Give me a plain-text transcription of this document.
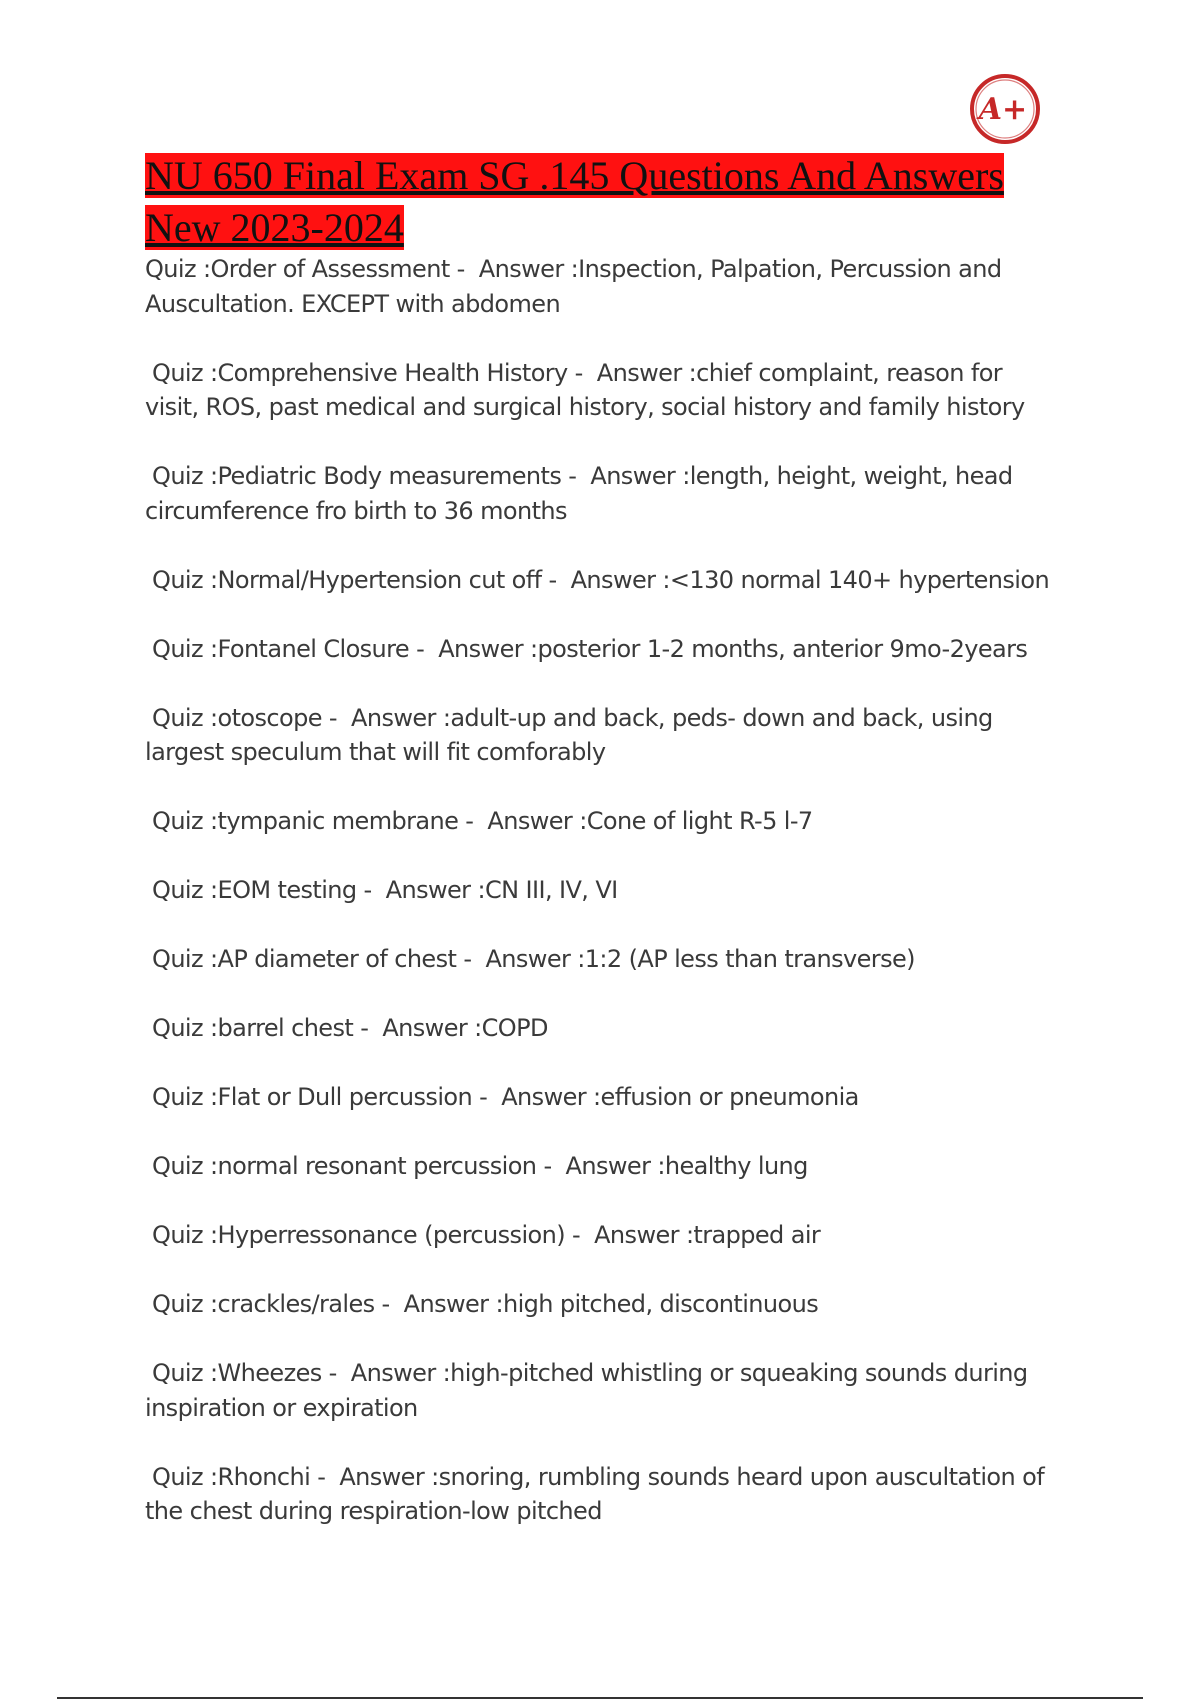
A+
NU 650 Final Exam SG .145 Questions And Answers New 2023-2024

Quiz :Order of Assessment -  Answer :Inspection, Palpation, Percussion and Auscultation. EXCEPT with abdomen

Quiz :Comprehensive Health History -  Answer :chief complaint, reason for visit, ROS, past medical and surgical history, social history and family history

Quiz :Pediatric Body measurements -  Answer :length, height, weight, head circumference fro birth to 36 months

Quiz :Normal/Hypertension cut off -  Answer :<130 normal 140+ hypertension

Quiz :Fontanel Closure -  Answer :posterior 1-2 months, anterior 9mo-2years

Quiz :otoscope -  Answer :adult-up and back, peds- down and back, using largest speculum that will fit comforably

Quiz :tympanic membrane -  Answer :Cone of light R-5 l-7

Quiz :EOM testing -  Answer :CN III, IV, VI

Quiz :AP diameter of chest -  Answer :1:2 (AP less than transverse)

Quiz :barrel chest -  Answer :COPD

Quiz :Flat or Dull percussion -  Answer :effusion or pneumonia

Quiz :normal resonant percussion -  Answer :healthy lung

Quiz :Hyperressonance (percussion) -  Answer :trapped air

Quiz :crackles/rales -  Answer :high pitched, discontinuous

Quiz :Wheezes -  Answer :high-pitched whistling or squeaking sounds during inspiration or expiration

Quiz :Rhonchi -  Answer :snoring, rumbling sounds heard upon auscultation of the chest during respiration-low pitched
